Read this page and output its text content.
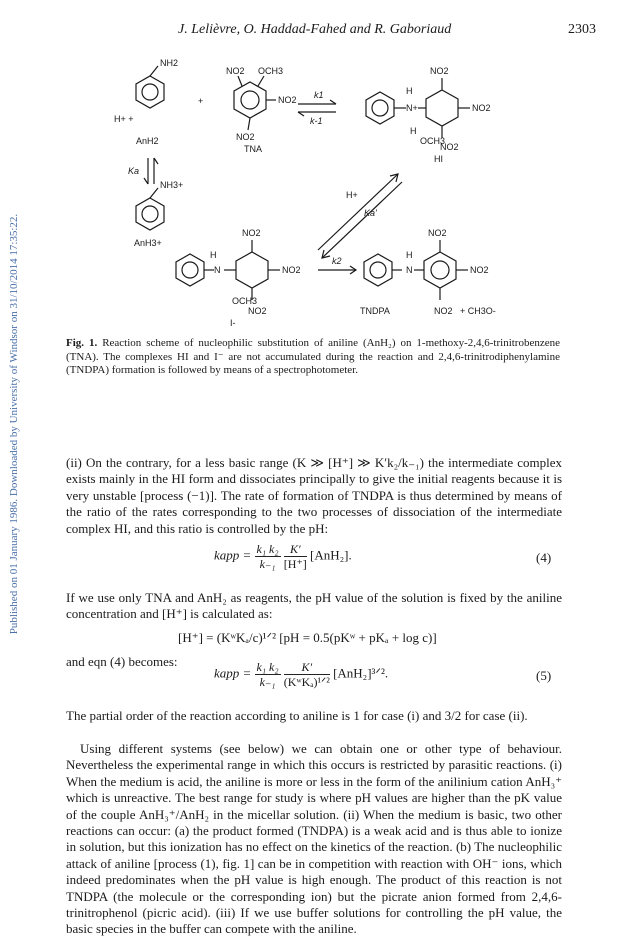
J. Lelièvre, O. Haddad-Fahed and R. Gaboriaud	2303
Published on 01 January 1986. Downloaded by University of Windsor on 31/10/2014 17:35:22.
NH2
H+ +
AnH2
+
NO2 OCH3
NO2
NO2
TNA
k1
k-1
H
N+
NO2
NO2
H
OCH3
NO2
HI
Ka
NH3+
AnH3+
H+
Ka'
H
N
NO2
NO2
OCH3
NO2
I-
k2
H
N
NO2
NO2
NO2 + CH3O-
TNDPA
Fig. 1. Reaction scheme of nucleophilic substitution of aniline (AnH₂) on 1-methoxy-2,4,6-trinitrobenzene (TNA). The complexes HI and I⁻ are not accumulated during the reaction and 2,4,6-trinitrodiphenylamine (TNDPA) formation is followed by means of a spectrophotometer.
(ii) On the contrary, for a less basic range (K ≫ [H⁺] ≫ K′k₂/k₋₁) the intermediate complex exists mainly in the HI form and dissociates principally to give the initial reagents because it is very unstable [process (−1)]. The rate of formation of TNDPA is thus determined by means of the ratio of the rates corresponding to the two processes of dissociation of the intermediate complex HI, and this ratio is controlled by the pH:
kapp = $\frac{\text{k₁ k₂}}{\text{k₋₁}}$
$\frac{K'}{[H^+]} [AnH_2]$.	(4)
If we use only TNA and AnH₂ as reagents, the pH value of the solution is fixed by the aniline concentration and [H⁺] is calculated as:
[H⁺] = (KʷKₐ/c)¹ᐟ² [pH = 0.5(pKʷ + pKₐ + log c)]
and eqn (4) becomes:
kapp = $\frac{\text{k₁ k₂}}{\text{k₋₁}}$
$\frac{K'}{\text{(KʷKₐ)¹ᐟ²}}$ [AnH₂]³ᐟ².	(5)
The partial order of the reaction according to aniline is 1 for case (i) and 3/2 for case (ii).
Using different systems (see below) we can obtain one or other type of behaviour. Nevertheless the experimental range in which this occurs is restricted by parasitic reactions. (i) When the medium is acid, the aniline is more or less in the form of the anilinium cation AnH₃⁺ which is unreactive. The best range for study is where pH values are higher than the pK value of the couple AnH₃⁺/AnH₂ in the micellar solution. (ii) When the medium is basic, two other reactions can occur: (a) the product formed (TNDPA) is a weak acid and is thus able to ionize in solution, but this ionization has no effect on the kinetics of the reaction. (b) The nucleophilic attack of aniline [process (1), fig. 1] can be in competition with reaction with OH⁻ ions, which indeed predominates when the pH value is high enough. The product of this reaction is not TNDPA (the molecule or the corresponding ion) but the picrate anion formed from 2,4,6-trinitrophenol (picric acid). (iii) If we use buffer solutions for controlling the pH value, the basic species in the buffer can compete with the aniline.
